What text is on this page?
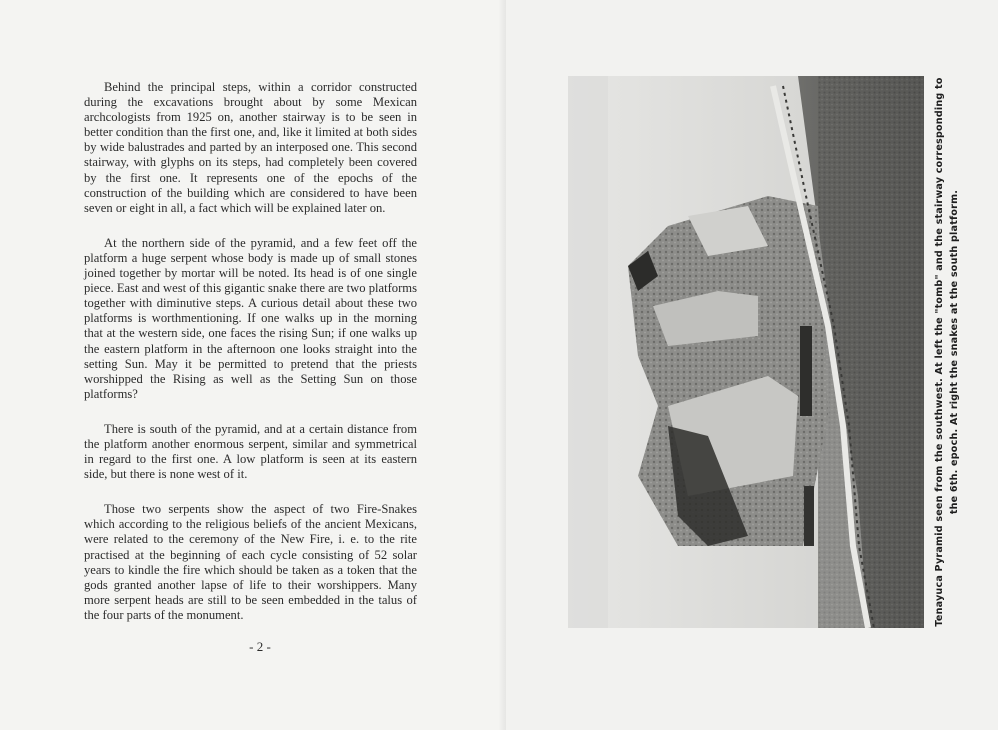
Behind the principal steps, within a corridor constructed during the excavations brought about by some Mexican archcologists from 1925 on, another stairway is to be seen in better condition than the first one, and, like it limited at both sides by wide balustrades and parted by an interposed one. This second stairway, with glyphs on its steps, had completely been covered by the first one. It represents one of the epochs of the construction of the building which are considered to have been seven or eight in all, a fact which will be explained later on.

At the northern side of the pyramid, and a few feet off the platform a huge serpent whose body is made up of small stones joined together by mortar will be noted. Its head is of one single piece. East and west of this gigantic snake there are two platforms together with diminutive steps. A curious detail about these two platforms is worthmentioning. If one walks up in the morning that at the western side, one faces the rising Sun; if one walks up the eastern platform in the afternoon one looks straight into the setting Sun. May it be permitted to pretend that the priests worshipped the Rising as well as the Setting Sun on those platforms?

There is south of the pyramid, and at a certain distance from the platform another enormous serpent, similar and symmetrical in regard to the first one. A low platform is seen at its eastern side, but there is none west of it.

Those two serpents show the aspect of two Fire-Snakes which according to the religious beliefs of the ancient Mexicans, were related to the ceremony of the New Fire, i. e. to the rite practised at the beginning of each cycle consisting of 52 solar years to kindle the fire which should be taken as a token that the gods granted another lapse of life to their worshippers. Many more serpent heads are still to be seen embedded in the talus of the four parts of the monument.

- 2 -
Tenayuca Pyramid seen from the southwest. At left the "tomb" and the stairway corresponding to the 6th. epoch. At right the snakes at the south platform.
